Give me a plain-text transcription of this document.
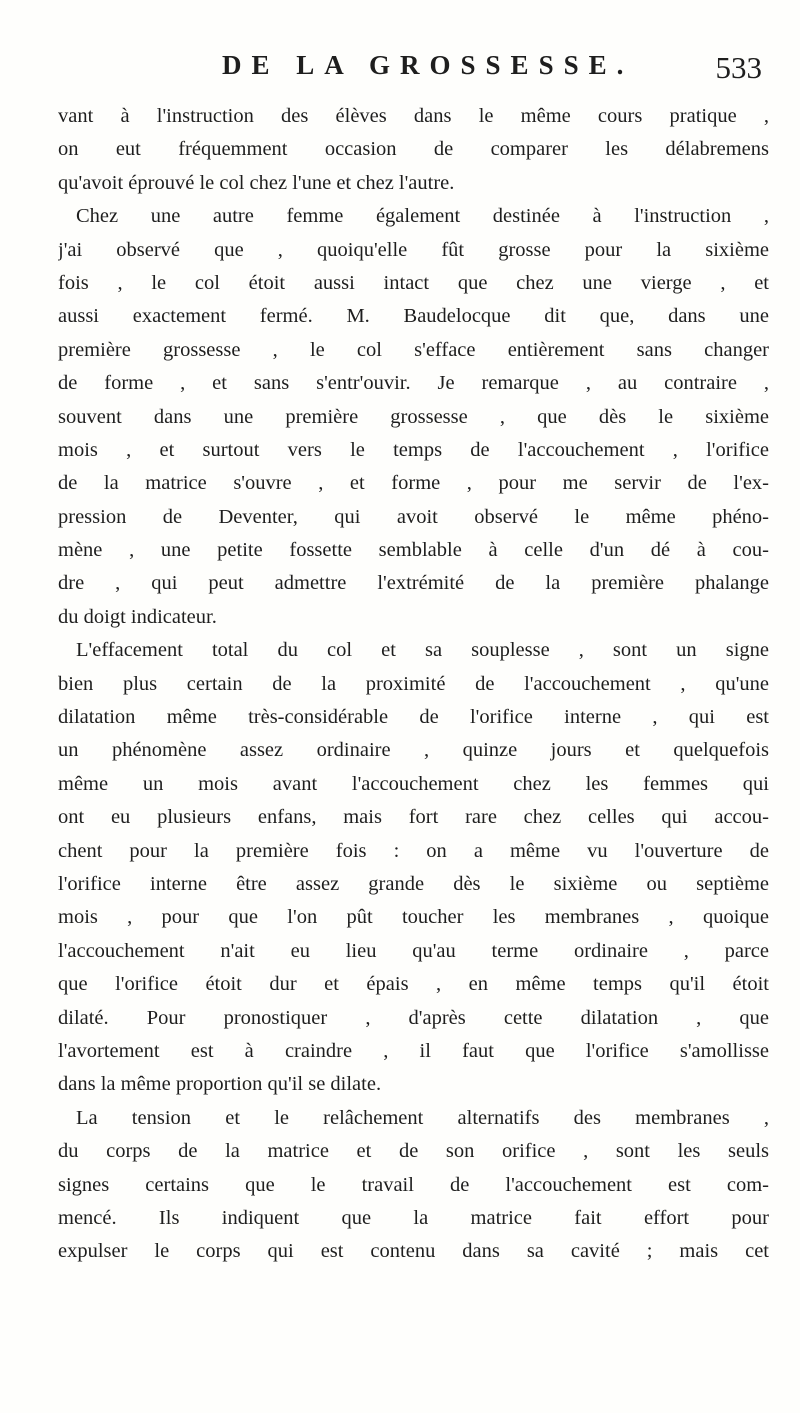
DE LA GROSSESSE.	533
vant à l'instruction des élèves dans le même cours pratique ,
on eut fréquemment occasion de comparer les délabremens
qu'avoit éprouvé le col chez l'une et chez l'autre.
Chez une autre femme également destinée à l'instruction ,
j'ai observé que , quoiqu'elle fût grosse pour la sixième
fois , le col étoit aussi intact que chez une vierge , et
aussi exactement fermé. M. Baudelocque dit que, dans une
première grossesse , le col s'efface entièrement sans changer
de forme , et sans s'entr'ouvir. Je remarque , au contraire ,
souvent dans une première grossesse , que dès le sixième
mois , et surtout vers le temps de l'accouchement , l'orifice
de la matrice s'ouvre , et forme , pour me servir de l'ex-
pression de Deventer, qui avoit observé le même phéno-
mène , une petite fossette semblable à celle d'un dé à cou-
dre , qui peut admettre l'extrémité de la première phalange
du doigt indicateur.
L'effacement total du col et sa souplesse , sont un signe
bien plus certain de la proximité de l'accouchement , qu'une
dilatation même très-considérable de l'orifice interne , qui est
un phénomène assez ordinaire , quinze jours et quelquefois
même un mois avant l'accouchement chez les femmes qui
ont eu plusieurs enfans, mais fort rare chez celles qui accou-
chent pour la première fois : on a même vu l'ouverture de
l'orifice interne être assez grande dès le sixième ou septième
mois , pour que l'on pût toucher les membranes , quoique
l'accouchement n'ait eu lieu qu'au terme ordinaire , parce
que l'orifice étoit dur et épais , en même temps qu'il étoit
dilaté. Pour pronostiquer , d'après cette dilatation , que
l'avortement est à craindre , il faut que l'orifice s'amollisse
dans la même proportion qu'il se dilate.
La tension et le relâchement alternatifs des membranes ,
du corps de la matrice et de son orifice , sont les seuls
signes certains que le travail de l'accouchement est com-
mencé. Ils indiquent que la matrice fait effort pour
expulser le corps qui est contenu dans sa cavité ; mais cet
